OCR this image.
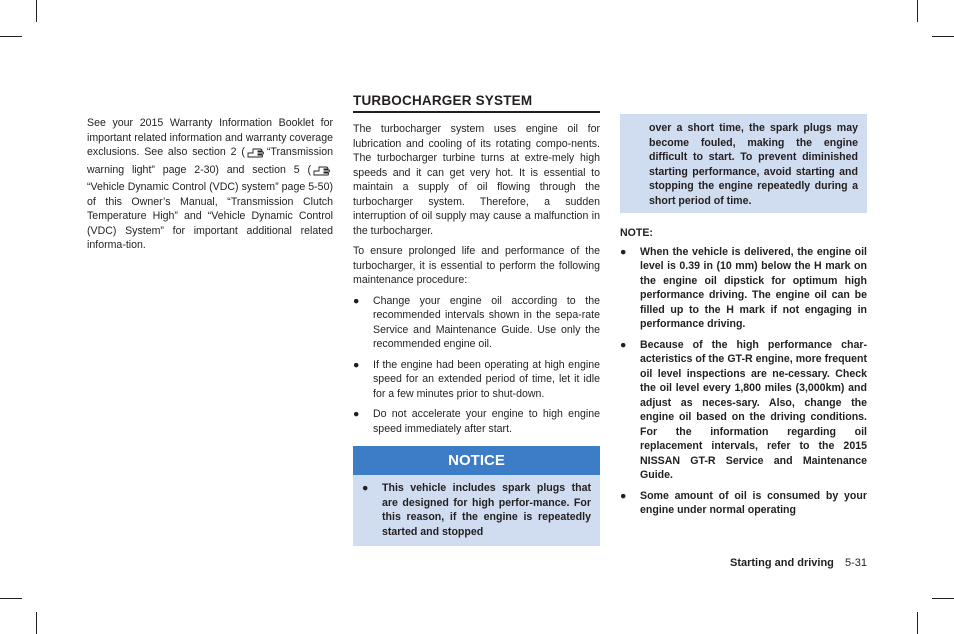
See your 2015 Warranty Information Booklet for important related information and warranty coverage exclusions. See also section 2 ( “Transmission warning light” page 2-30) and section 5 (“Vehicle Dynamic Control (VDC) system” page 5-50) of this Owner’s Manual, “Transmission Clutch Temperature High” and “Vehicle Dynamic Control (VDC) System” for important additional related informa-tion.

TURBOCHARGER SYSTEM

The turbocharger system uses engine oil for lubrication and cooling of its rotating compo-nents. The turbocharger turbine turns at extre-mely high speeds and it can get very hot. It is essential to maintain a supply of oil flowing through the turbocharger system. Therefore, a sudden interruption of oil supply may cause a malfunction in the turbocharger.

To ensure prolonged life and performance of the turbocharger, it is essential to perform the following maintenance procedure:

● Change your engine oil according to the recommended intervals shown in the sepa-rate Service and Maintenance Guide. Use only the recommended engine oil.
● If the engine had been operating at high engine speed for an extended period of time, let it idle for a few minutes prior to shut-down.
● Do not accelerate your engine to high engine speed immediately after start.
NOTICE
● This vehicle includes spark plugs that are designed for high perfor-mance. For this reason, if the engine is repeatedly started and stopped
over a short time, the spark plugs may become fouled, making the engine difficult to start. To prevent diminished starting performance, avoid starting and stopping the engine repeatedly during a short period of time.
NOTE:
● When the vehicle is delivered, the engine oil level is 0.39 in (10 mm) below the H mark on the engine oil dipstick for optimum high performance driving. The engine oil can be filled up to the H mark if not engaging in performance driving.
● Because of the high performance char-acteristics of the GT-R engine, more frequent oil level inspections are ne-cessary. Check the oil level every 1,800 miles (3,000km) and adjust as neces-sary. Also, change the engine oil based on the driving conditions. For the information regarding oil replacement intervals, refer to the 2015 NISSAN GT-R Service and Maintenance Guide.
● Some amount of oil is consumed by your engine under normal operating
Starting and driving 5-31
